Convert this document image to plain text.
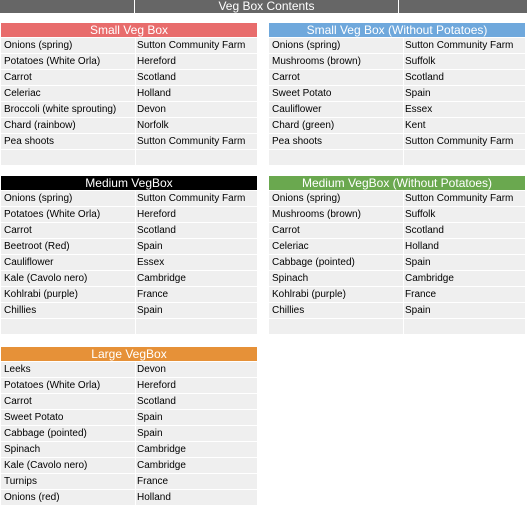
Veg Box Contents
Small Veg Box
Onions (spring)	Sutton Community Farm
Potatoes (White Orla)	Hereford
Carrot	Scotland
Celeriac	Holland
Broccoli (white sprouting)	Devon
Chard (rainbow)	Norfolk
Pea shoots	Sutton Community Farm
Small Veg Box (Without Potatoes)
Onions (spring)	Sutton Community Farm
Mushrooms (brown)	Suffolk
Carrot	Scotland
Sweet Potato	Spain
Cauliflower	Essex
Chard (green)	Kent
Pea shoots	Sutton Community Farm
Medium VegBox
Onions (spring)	Sutton Community Farm
Potatoes (White Orla)	Hereford
Carrot	Scotland
Beetroot (Red)	Spain
Cauliflower	Essex
Kale (Cavolo nero)	Cambridge
Kohlrabi (purple)	France
Chillies	Spain
Medium VegBox (Without Potatoes)
Onions (spring)	Sutton Community Farm
Mushrooms (brown)	Suffolk
Carrot	Scotland
Celeriac	Holland
Cabbage (pointed)	Spain
Spinach	Cambridge
Kohlrabi (purple)	France
Chillies	Spain
Large VegBox
Leeks	Devon
Potatoes (White Orla)	Hereford
Carrot	Scotland
Sweet Potato	Spain
Cabbage (pointed)	Spain
Spinach	Cambridge
Kale (Cavolo nero)	Cambridge
Turnips	France
Onions (red)	Holland
